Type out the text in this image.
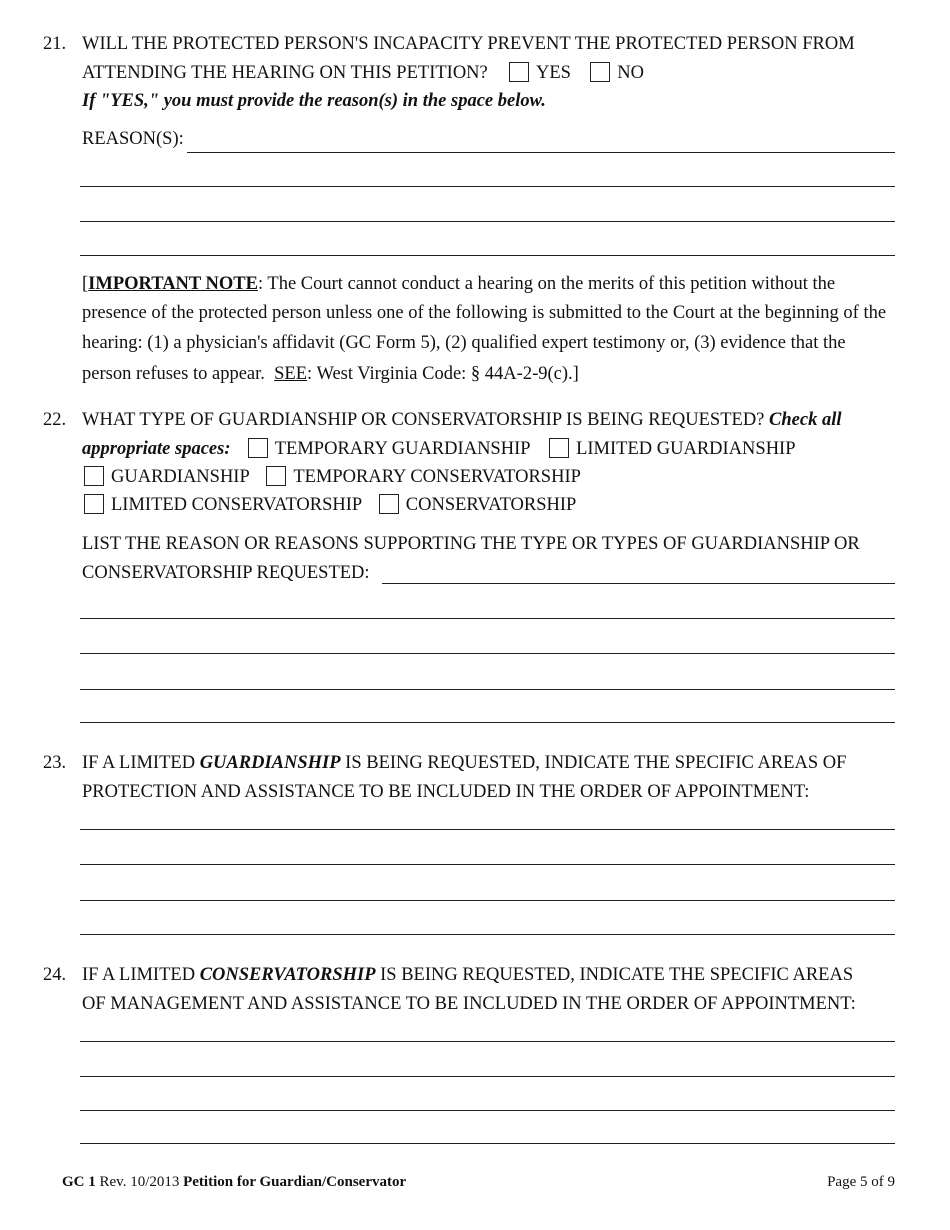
21. WILL THE PROTECTED PERSON'S INCAPACITY PREVENT THE PROTECTED PERSON FROM
ATTENDING THE HEARING ON THIS PETITION?	YES	NO
If "YES," you must provide the reason(s) in the space below.
REASON(S):
[IMPORTANT NOTE: The Court cannot conduct a hearing on the merits of this petition without the
presence of the protected person unless one of the following is submitted to the Court at the beginning of the
hearing: (1) a physician's affidavit (GC Form 5), (2) qualified expert testimony or, (3) evidence that the
person refuses to appear.  SEE: West Virginia Code: § 44A-2-9(c).]
22. WHAT TYPE OF GUARDIANSHIP OR CONSERVATORSHIP IS BEING REQUESTED? Check all
appropriate spaces: TEMPORARY GUARDIANSHIP	LIMITED GUARDIANSHIP
GUARDIANSHIP TEMPORARY CONSERVATORSHIP
LIMITED CONSERVATORSHIP CONSERVATORSHIP
LIST THE REASON OR REASONS SUPPORTING THE TYPE OR TYPES OF GUARDIANSHIP OR
CONSERVATORSHIP REQUESTED:
23. IF A LIMITED GUARDIANSHIP IS BEING REQUESTED, INDICATE THE SPECIFIC AREAS OF
PROTECTION AND ASSISTANCE TO BE INCLUDED IN THE ORDER OF APPOINTMENT:
24. IF A LIMITED CONSERVATORSHIP IS BEING REQUESTED, INDICATE THE SPECIFIC AREAS
OF MANAGEMENT AND ASSISTANCE TO BE INCLUDED IN THE ORDER OF APPOINTMENT:
GC 1 Rev. 10/2013 Petition for Guardian/Conservator	Page 5 of 9
